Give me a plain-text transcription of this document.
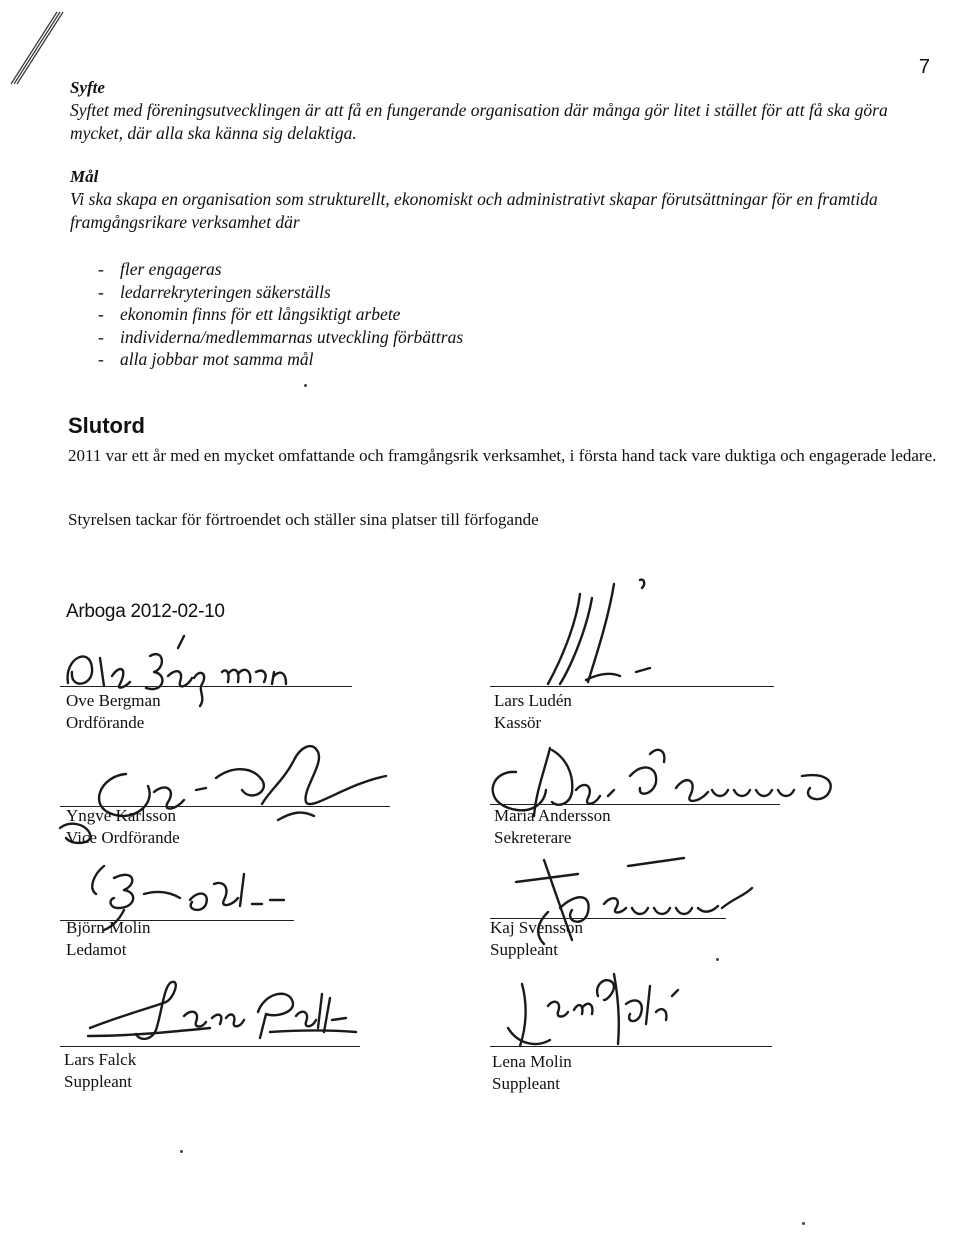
7
Syfte
Syftet med föreningsutvecklingen är att få en fungerande organisation där många gör litet i stället för att få ska göra mycket, där alla ska känna sig delaktiga.
Mål
Vi ska skapa en organisation som strukturellt, ekonomiskt och administrativt skapar förutsättningar för en framtida framgångsrikare verksamhet där
- fler engageras
- ledarrekryteringen säkerställs
- ekonomin finns för ett långsiktigt arbete
- individerna/medlemmarnas utveckling förbättras
- alla jobbar mot samma mål
Slutord
2011 var ett år med en mycket omfattande och framgångsrik verksamhet, i första hand tack vare duktiga och engagerade ledare.
Styrelsen tackar för förtroendet och ställer sina platser till förfogande
Arboga 2012-02-10
Ove Bergman
Ordförande
Lars Ludén
Kassör
Yngve Karlsson
Vice Ordförande
Maria Andersson
Sekreterare
Björn Molin
Ledamot
Kaj Svensson
Suppleant
Lars Falck
Suppleant
Lena Molin
Suppleant
